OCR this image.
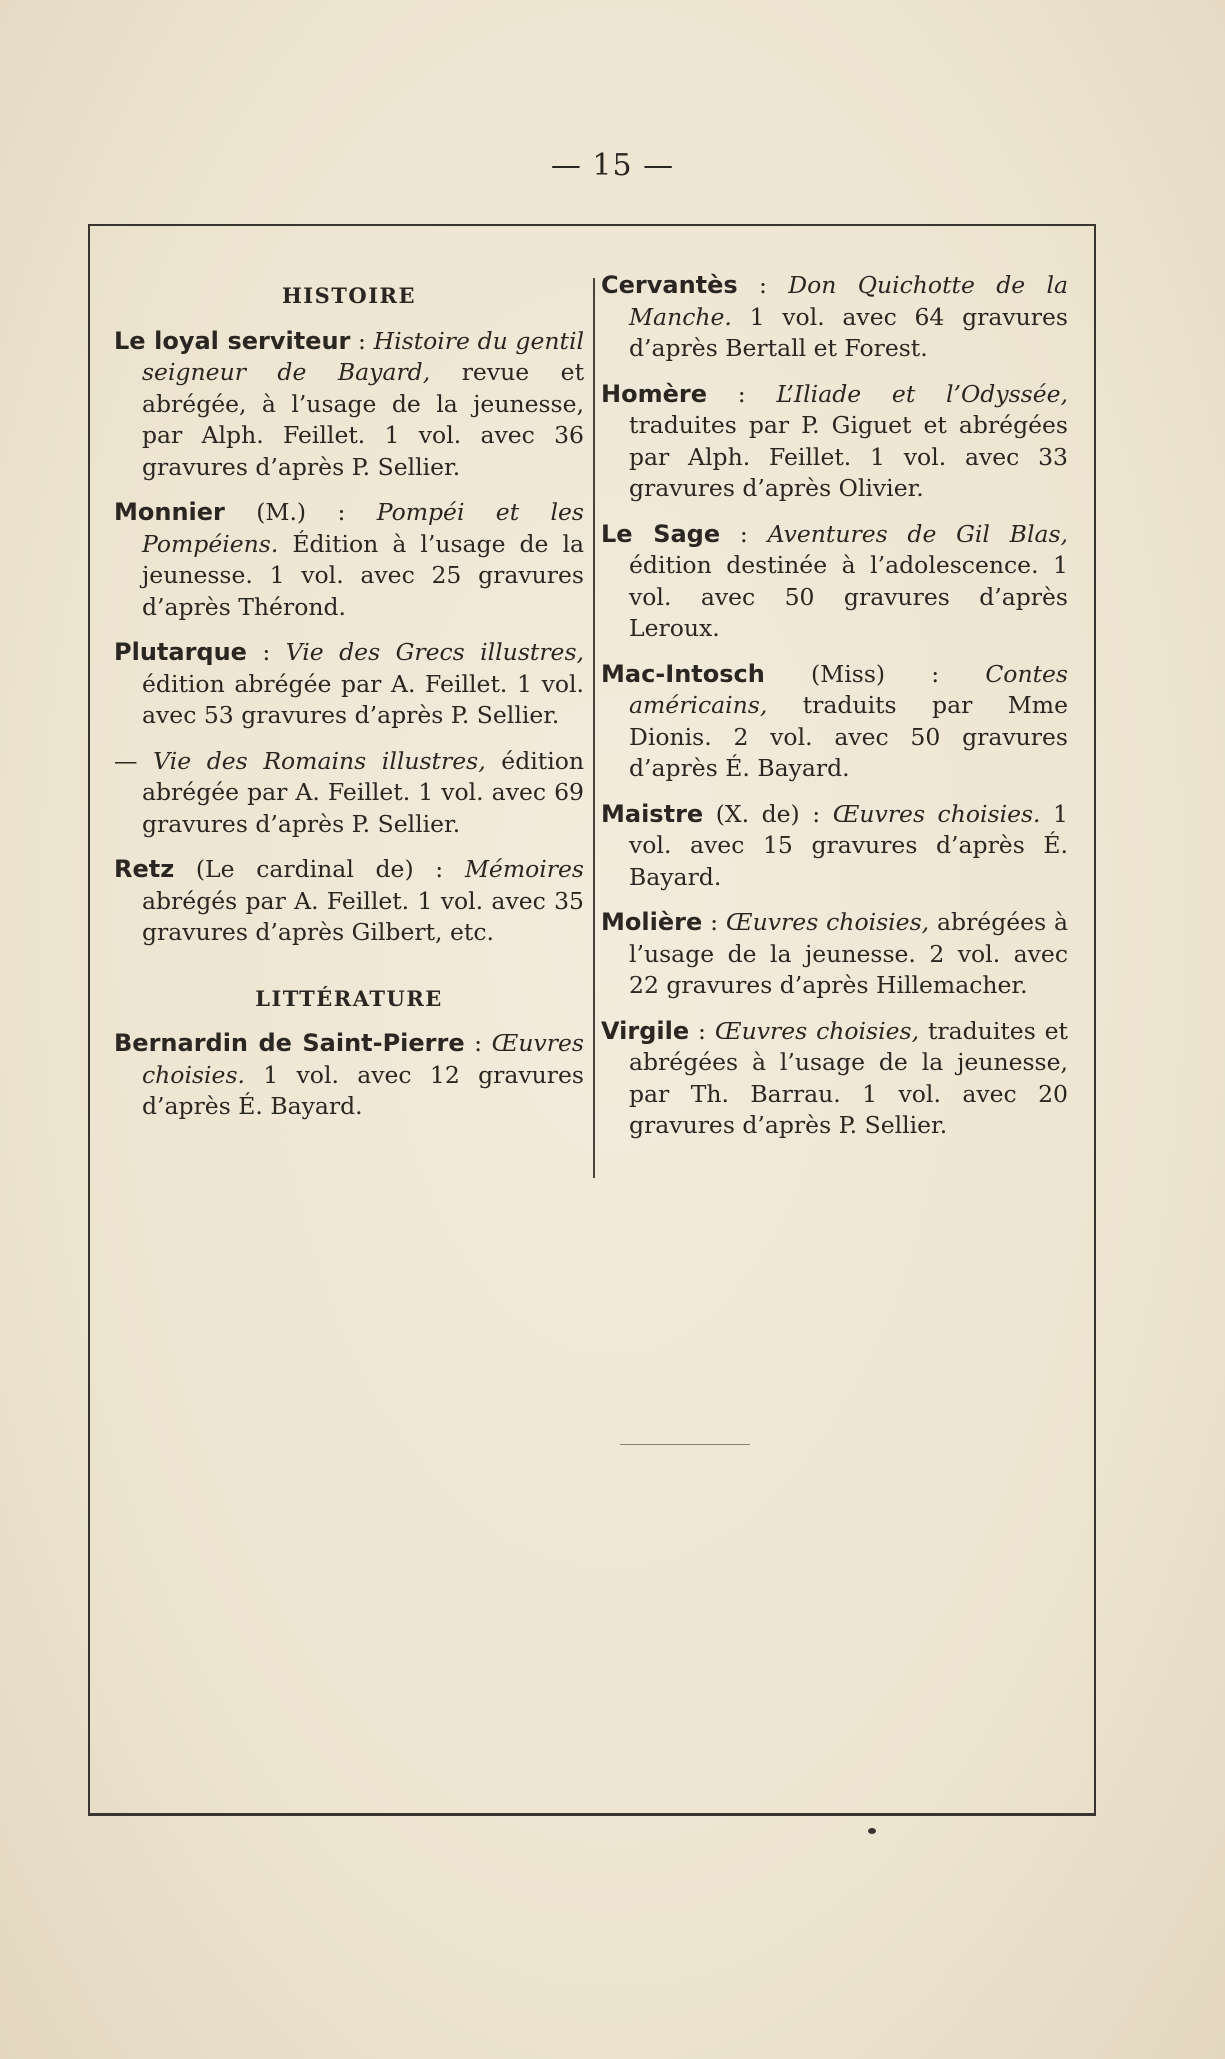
— 15 —
HISTOIRE
Le loyal serviteur : Histoire du gentil seigneur de Bayard, revue et abrégée, à l’usage de la jeunesse, par Alph. Feillet. 1 vol. avec 36 gravures d’après P. Sellier.
Monnier (M.) : Pompéi et les Pompéiens. Édition à l’usage de la jeunesse. 1 vol. avec 25 gravures d’après Thérond.
Plutarque : Vie des Grecs illustres, édition abrégée par A. Feillet. 1 vol. avec 53 gravures d’après P. Sellier.
— Vie des Romains illustres, édition abrégée par A. Feillet. 1 vol. avec 69 gravures d’après P. Sellier.
Retz (Le cardinal de) : Mémoires abrégés par A. Feillet. 1 vol. avec 35 gravures d’après Gilbert, etc.
LITTÉRATURE
Bernardin de Saint-Pierre : Œuvres choisies. 1 vol. avec 12 gravures d’après É. Bayard.
Cervantès : Don Quichotte de la Manche. 1 vol. avec 64 gravures d’après Bertall et Forest.
Homère : L’Iliade et l’Odyssée, traduites par P. Giguet et abrégées par Alph. Feillet. 1 vol. avec 33 gravures d’après Olivier.
Le Sage : Aventures de Gil Blas, édition destinée à l’adolescence. 1 vol. avec 50 gravures d’après Leroux.
Mac-Intosch (Miss) : Contes américains, traduits par Mme Dionis. 2 vol. avec 50 gravures d’après É. Bayard.
Maistre (X. de) : Œuvres choisies. 1 vol. avec 15 gravures d’après É. Bayard.
Molière : Œuvres choisies, abrégées à l’usage de la jeunesse. 2 vol. avec 22 gravures d’après Hillemacher.
Virgile : Œuvres choisies, traduites et abrégées à l’usage de la jeunesse, par Th. Barrau. 1 vol. avec 20 gravures d’après P. Sellier.
